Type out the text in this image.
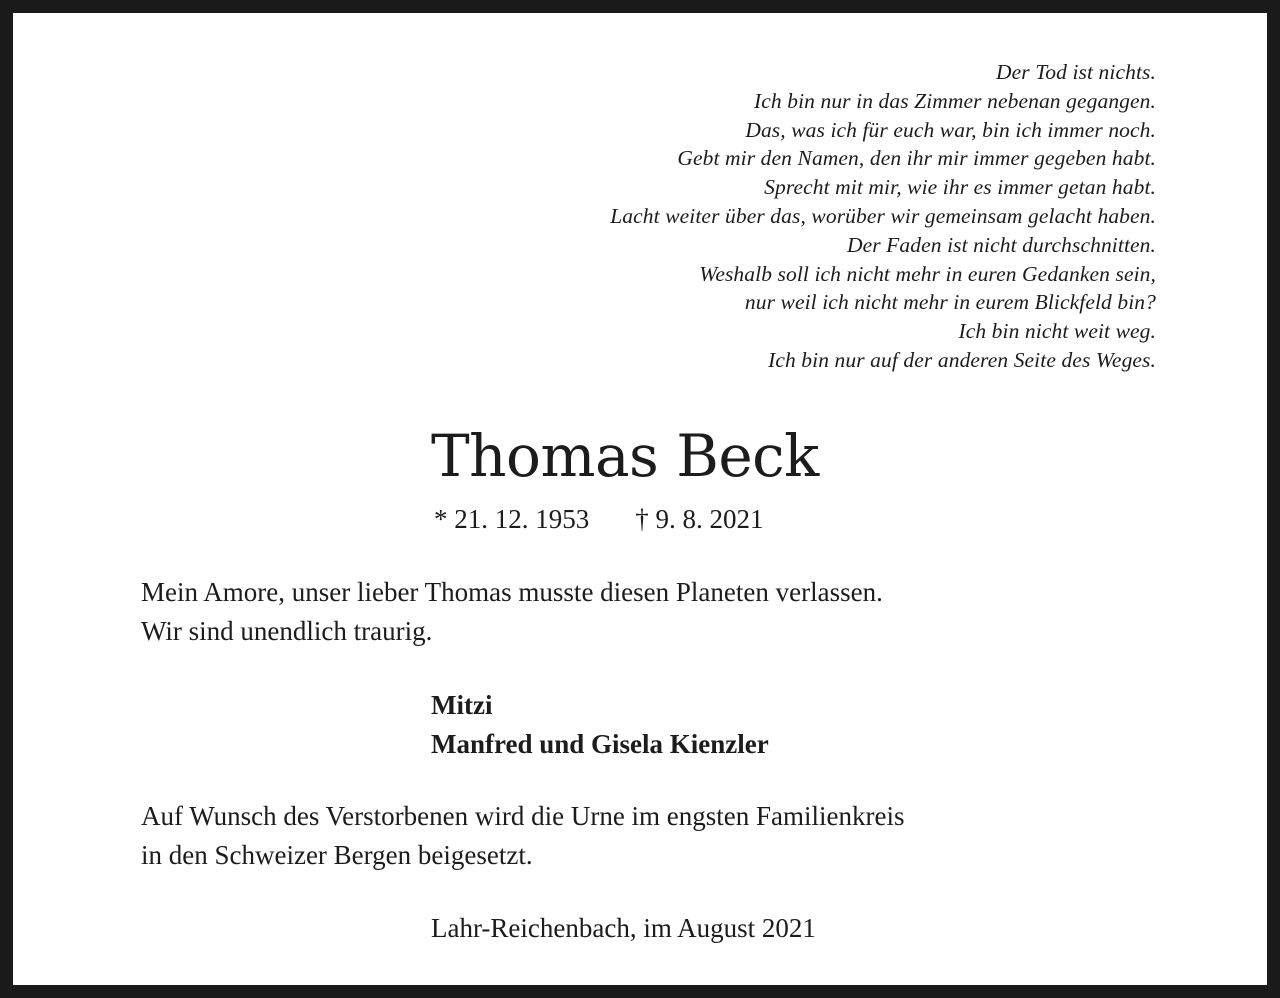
Der Tod ist nichts.
Ich bin nur in das Zimmer nebenan gegangen.
Das, was ich für euch war, bin ich immer noch.
Gebt mir den Namen, den ihr mir immer gegeben habt.
Sprecht mit mir, wie ihr es immer getan habt.
Lacht weiter über das, worüber wir gemeinsam gelacht haben.
Der Faden ist nicht durchschnitten.
Weshalb soll ich nicht mehr in euren Gedanken sein,
nur weil ich nicht mehr in eurem Blickfeld bin?
Ich bin nicht weit weg.
Ich bin nur auf der anderen Seite des Weges.
Thomas Beck
* 21. 12. 1953 † 9. 8. 2021
Mein Amore, unser lieber Thomas musste diesen Planeten verlassen.
Wir sind unendlich traurig.
Mitzi
Manfred und Gisela Kienzler
Auf Wunsch des Verstorbenen wird die Urne im engsten Familienkreis
in den Schweizer Bergen beigesetzt.
Lahr-Reichenbach, im August 2021
